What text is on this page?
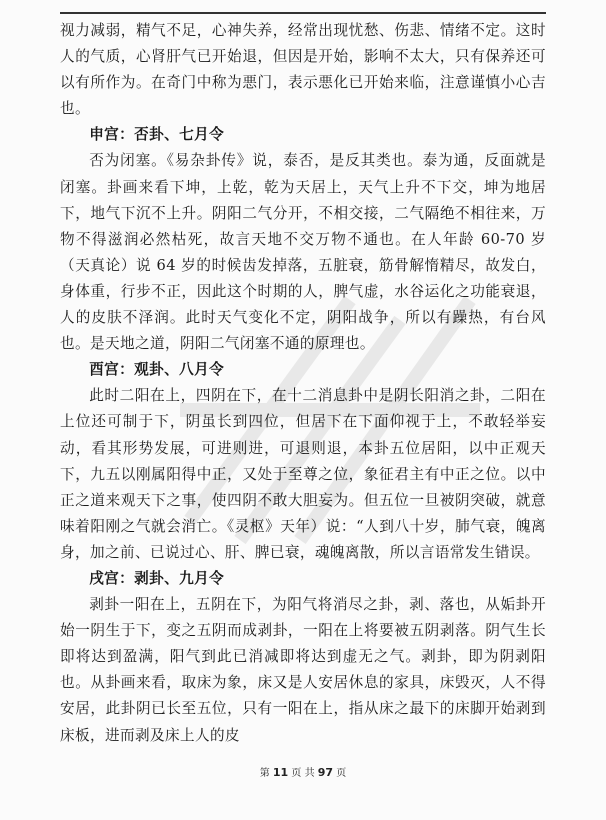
视力减弱，精气不足，心神失养，经常出现忧愁、伤悲、情绪不定。这时人的气质，心肾肝气已开始退，但因是开始，影响不太大，只有保养还可以有所作为。在奇门中称为悪门，表示悪化已开始来临，注意谨慎小心吉也。

申宫：否卦、七月令

否为闭塞。《易杂卦传》说，泰否，是反其类也。泰为通，反面就是闭塞。卦画来看下坤，上乾，乾为天居上，天气上升不下交，坤为地居下，地气下沉不上升。阴阳二气分开，不相交接，二气隔绝不相往来，万物不得滋润必然枯死，故言天地不交万物不通也。在人年龄 60-70 岁（天真论）说 64 岁的时候齿发掉落，五脏衰，筋骨解惰精尽，故发白，身体重，行步不正，因此这个时期的人，脾气虚，水谷运化之功能衰退，人的皮肤不泽润。此时天气变化不定，阴阳战争，所以有躁热，有台风也。是天地之道，阴阳二气闭塞不通的原理也。

酉宫：观卦、八月令

此时二阳在上，四阴在下，在十二消息卦中是阴长阳消之卦，二阳在上位还可制于下，阴虽长到四位，但居下在下面仰视于上，不敢轻举妄动，看其形势发展，可进则进，可退则退，本卦五位居阳，以中正观天下，九五以刚属阳得中正，又处于至尊之位，象征君主有中正之位。以中正之道来观天下之事，使四阴不敢大胆妄为。但五位一旦被阴突破，就意味着阳刚之气就会消亡。《灵枢》天年）说：“人到八十岁，肺气衰，魄离身，加之前、已说过心、肝、脾已衰，魂魄离散，所以言语常发生错误。

戌宫：剥卦、九月令

剥卦一阳在上，五阴在下，为阳气将消尽之卦，剥、落也，从姤卦开始一阴生于下，变之五阴而成剥卦，一阳在上将要被五阴剥落。阴气生长即将达到盈满，阳气到此已消减即将达到虚无之气。剥卦，即为阴剥阳也。从卦画来看，取床为象，床又是人安居休息的家具，床毁灭，人不得安居，此卦阴已长至五位，只有一阳在上，指从床之最下的床脚开始剥到床板，进而剥及床上人的皮

第 11 页 共 97 页
